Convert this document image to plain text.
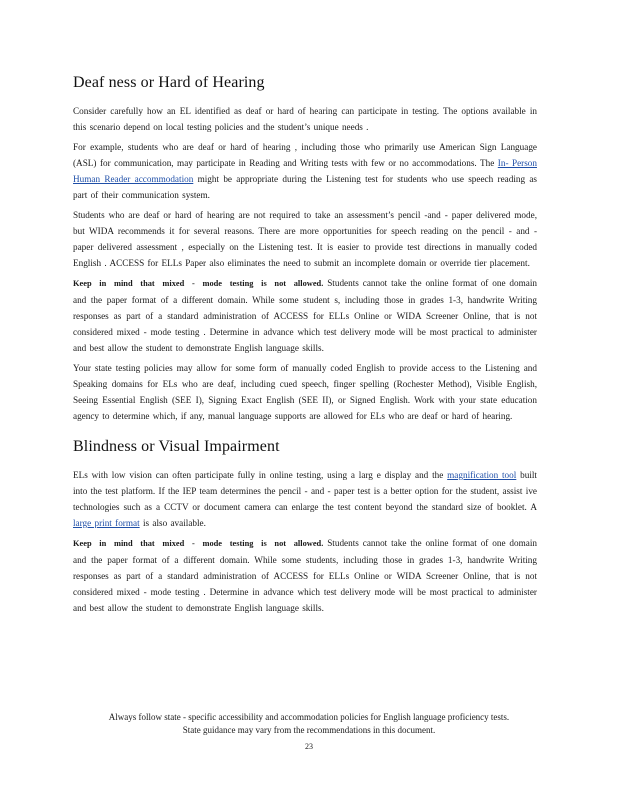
Deaf ness or Hard of Hearing

Consider carefully how an EL identified as deaf or hard of hearing can participate in testing. The options available in this scenario depend on local testing policies and the student’s unique needs .

For example, students who are deaf or hard of hearing , including those who primarily use American Sign Language (ASL) for communication, may participate in Reading and Writing tests with few or no accommodations. The In- Person Human Reader accommodation might be appropriate during the Listening test for students who use speech reading as part of their communication system.

Students who are deaf or hard of hearing are not required to take an assessment’s pencil -and - paper delivered mode, but WIDA recommends it for several reasons. There are more opportunities for speech reading on the pencil - and - paper delivered assessment , especially on the Listening test. It is easier to provide test directions in manually coded English . ACCESS for ELLs Paper also eliminates the need to submit an incomplete domain or override tier placement.

Keep in mind that mixed - mode testing is not allowed. Students cannot take the online format of one domain and the paper format of a different domain. While some student s, including those in grades 1-3, handwrite Writing responses as part of a standard administration of ACCESS for ELLs Online or WIDA Screener Online, that is not considered mixed - mode testing . Determine in advance which test delivery mode will be most practical to administer and best allow the student to demonstrate English language skills.

Your state testing policies may allow for some form of manually coded English to provide access to the Listening and Speaking domains for ELs who are deaf, including cued speech, finger spelling (Rochester Method), Visible English, Seeing Essential English (SEE I), Signing Exact English (SEE II), or Signed English. Work with your state education agency to determine which, if any, manual language supports are allowed for ELs who are deaf or hard of hearing.

Blindness or Visual Impairment

ELs with low vision can often participate fully in online testing, using a larg e display and the magnification tool built into the test platform. If the IEP team determines the pencil - and - paper test is a better option for the student, assist ive technologies such as a CCTV or document camera can enlarge the test content beyond the standard size of booklet. A large print format is also available.

Keep in mind that mixed - mode testing is not allowed. Students cannot take the online format of one domain and the paper format of a different domain. While some students, including those in grades 1-3, handwrite Writing responses as part of a standard administration of ACCESS for ELLs Online or WIDA Screener Online, that is not considered mixed - mode testing . Determine in advance which test delivery mode will be most practical to administer and best allow the student to demonstrate English language skills.

Always follow state - specific accessibility and accommodation policies for English language proficiency tests.
State guidance may vary from the recommendations in this document.
23
